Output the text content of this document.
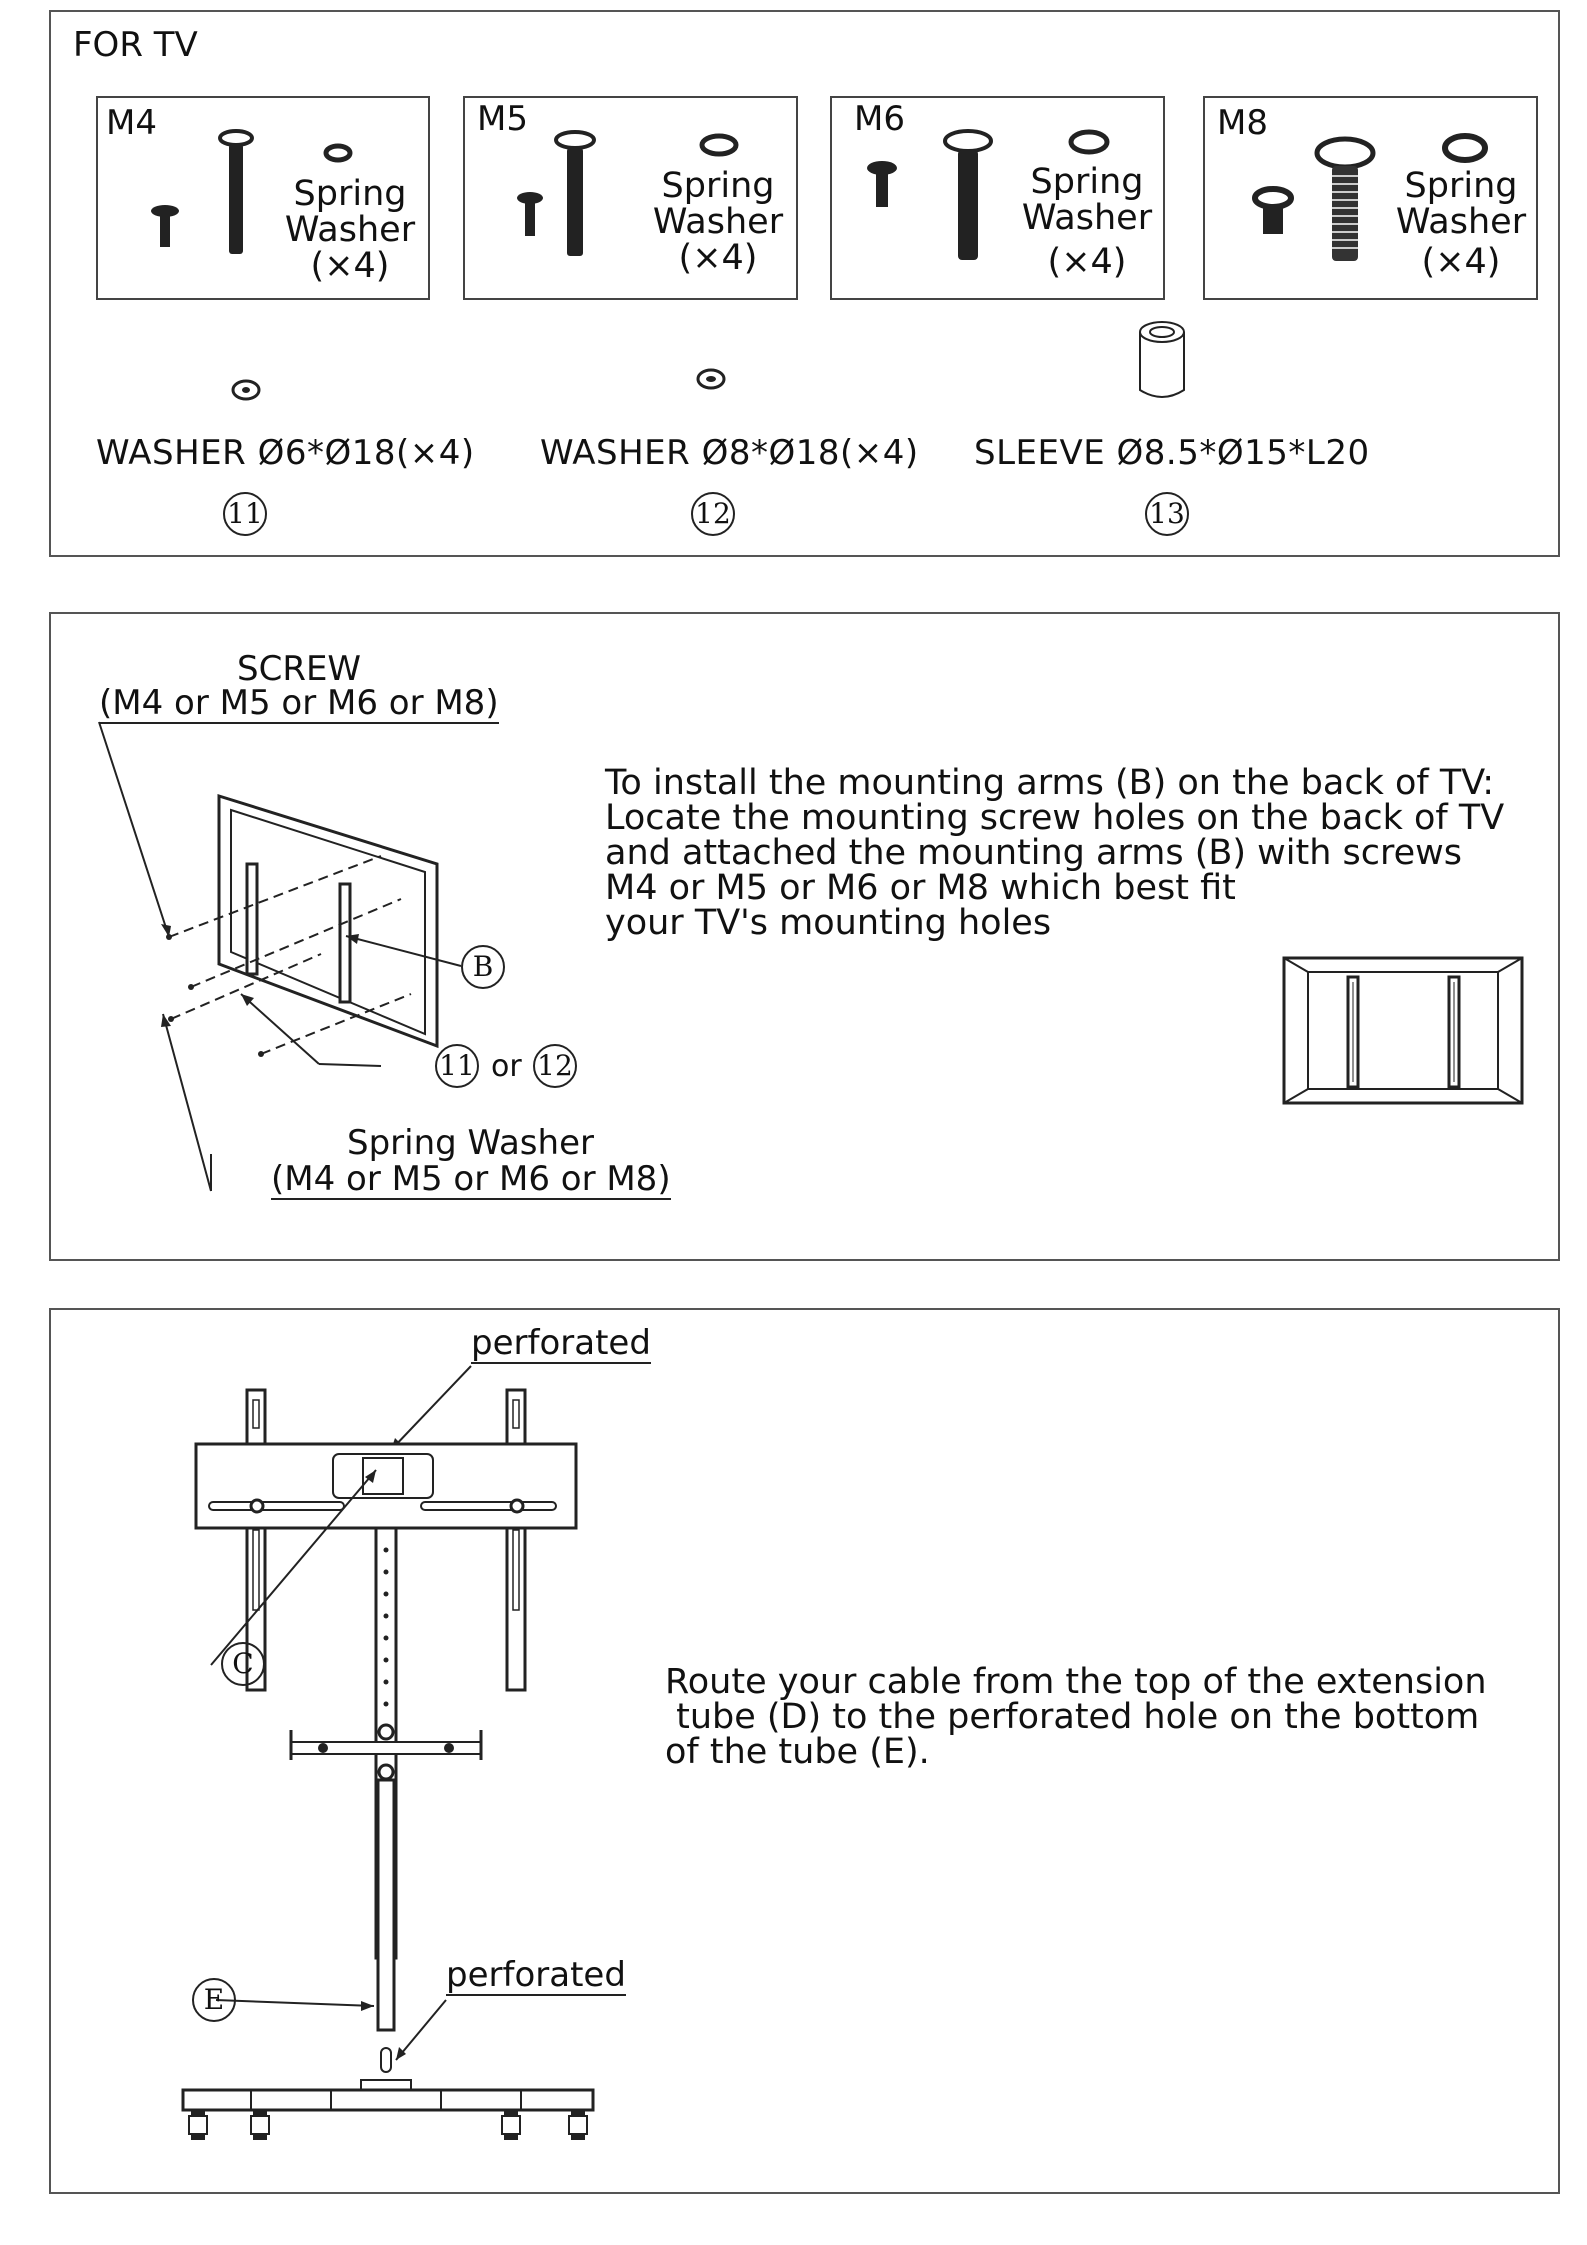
FOR TV
M4
Spring
Washer
(×4)
M5
Spring
Washer
(×4)
M6
Spring
Washer
(×4)
M8
Spring
Washer
(×4)
WASHER Ø6*Ø18(×4) WASHER Ø8*Ø18(×4) SLEEVE Ø8.5*Ø15*L20
11	12	13
SCREW
(M4 or M5 or M6 or M8)
B
11 or 12
Spring Washer
(M4 or M5 or M6 or M8)
To install the mounting arms (B) on the back of TV:
Locate the mounting screw holes on the back of TV
and attached the mounting arms (B) with screws
M4 or M5 or M6 or M8 which best fit
your TV's mounting holes
perforated
perforated
C
E
Route your cable from the top of the extension
tube (D) to the perforated hole on the bottom
of the tube (E).
